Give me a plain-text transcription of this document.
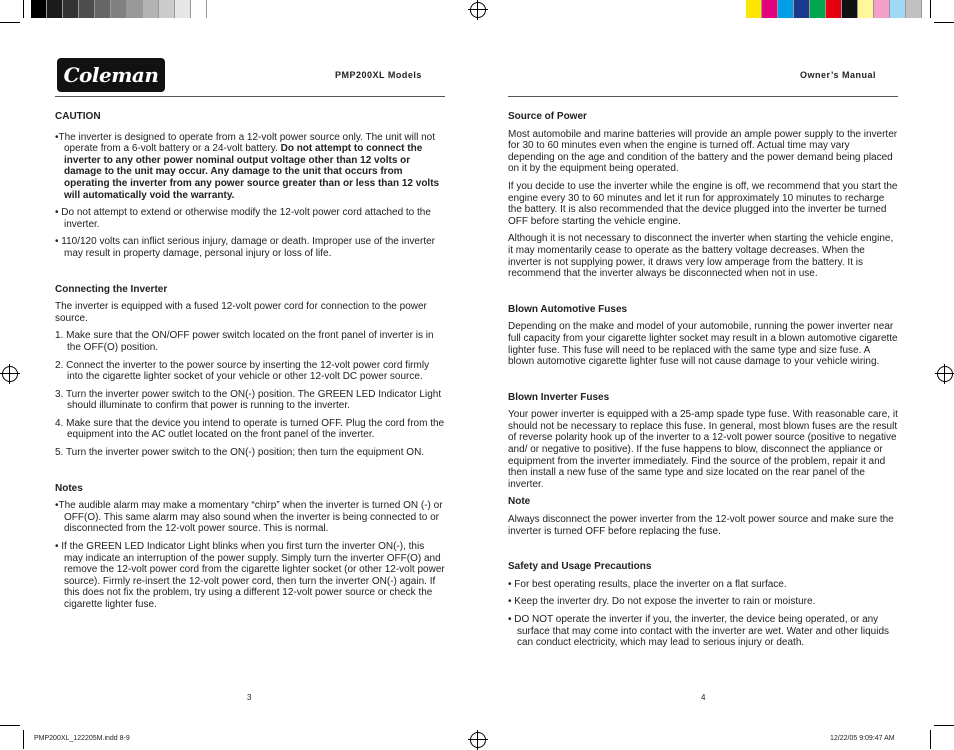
Coleman	PMP200XL Models	Owner’s Manual

CAUTION

•The inverter is designed to operate from a 12-volt power source only. The unit will not operate from a 6-volt battery or a 24-volt battery. Do not attempt to connect the inverter to any other power nominal output voltage other than 12 volts or damage to the unit may occur. Any damage to the unit that occurs from operating the inverter from any power source greater than or less than 12 volts will automatically void the warranty.

• Do not attempt to extend or otherwise modify the 12-volt power cord attached to the inverter.

• 110/120 volts can inflict serious injury, damage or death. Improper use of the inverter may result in property damage, personal injury or loss of life.

Connecting the Inverter

The inverter is equipped with a fused 12-volt power cord for connection to the power source.

1. Make sure that the ON/OFF power switch located on the front panel of inverter is in the OFF(O) position.

2. Connect the inverter to the power source by inserting the 12-volt power cord firmly into the cigarette lighter socket of your vehicle or other 12-volt DC power source.

3. Turn the inverter power switch to the ON(-) position. The GREEN LED Indicator Light should illuminate to confirm that power is running to the inverter.

4. Make sure that the device you intend to operate is turned OFF. Plug the cord from the equipment into the AC outlet located on the front panel of the inverter.

5. Turn the inverter power switch to the ON(-) position; then turn the equipment ON.

Notes

•The audible alarm may make a momentary “chirp” when the inverter is turned ON (-) or OFF(O). This same alarm may also sound when the inverter is being connected to or disconnected from the 12-volt power source. This is normal.

• If the GREEN LED Indicator Light blinks when you first turn the inverter ON(-), this may indicate an interruption of the power supply. Simply turn the inverter OFF(O) and remove the 12-volt power cord from the cigarette lighter socket (or other 12-volt power source). Firmly re-insert the 12-volt power cord, then turn the inverter ON(-) again. If this does not fix the problem, try using a different 12-volt power source or check the cigarette lighter fuse.

Source of Power

Most automobile and marine batteries will provide an ample power supply to the inverter for 30 to 60 minutes even when the engine is turned off. Actual time may vary depending on the age and condition of the battery and the power demand being placed on it by the equipment being operated.

If you decide to use the inverter while the engine is off, we recommend that you start the engine every 30 to 60 minutes and let it run for approximately 10 minutes to recharge the battery. It is also recommended that the device plugged into the inverter be turned OFF before starting the vehicle engine.

Although it is not necessary to disconnect the inverter when starting the vehicle engine, it may momentarily cease to operate as the battery voltage decreases. When the inverter is not supplying power, it draws very low amperage from the battery. It is recommend that the inverter always be disconnected when not in use.

Blown Automotive Fuses

Depending on the make and model of your automobile, running the power inverter near full capacity from your cigarette lighter socket may result in a blown automotive cigarette lighter fuse. This fuse will need to be replaced with the same type and size fuse. A blown automotive cigarette lighter fuse will not cause damage to your vehicle wiring.

Blown Inverter Fuses

Your power inverter is equipped with a 25-amp spade type fuse. With reasonable care, it should not be necessary to replace this fuse. In general, most blown fuses are the result of reverse polarity hook up of the inverter to a 12-volt power source (positive to negative and/ or negative to positive). If the fuse happens to blow, disconnect the appliance or equipment from the inverter immediately. Find the source of the problem, repair it and then install a new fuse of the same type and size located on the rear panel of the inverter.

Note

Always disconnect the power inverter from the 12-volt power source and make sure the inverter is turned OFF before replacing the fuse.

Safety and Usage Precautions

• For best operating results, place the inverter on a flat surface.

• Keep the inverter dry. Do not expose the inverter to rain or moisture.

• DO NOT operate the inverter if you, the inverter, the device being operated, or any surface that may come into contact with the inverter are wet. Water and other liquids can conduct electricity, which may lead to serious injury or death.

3	4
PMP200XL_122205M.indd 8-9	12/22/05 9:09:47 AM
